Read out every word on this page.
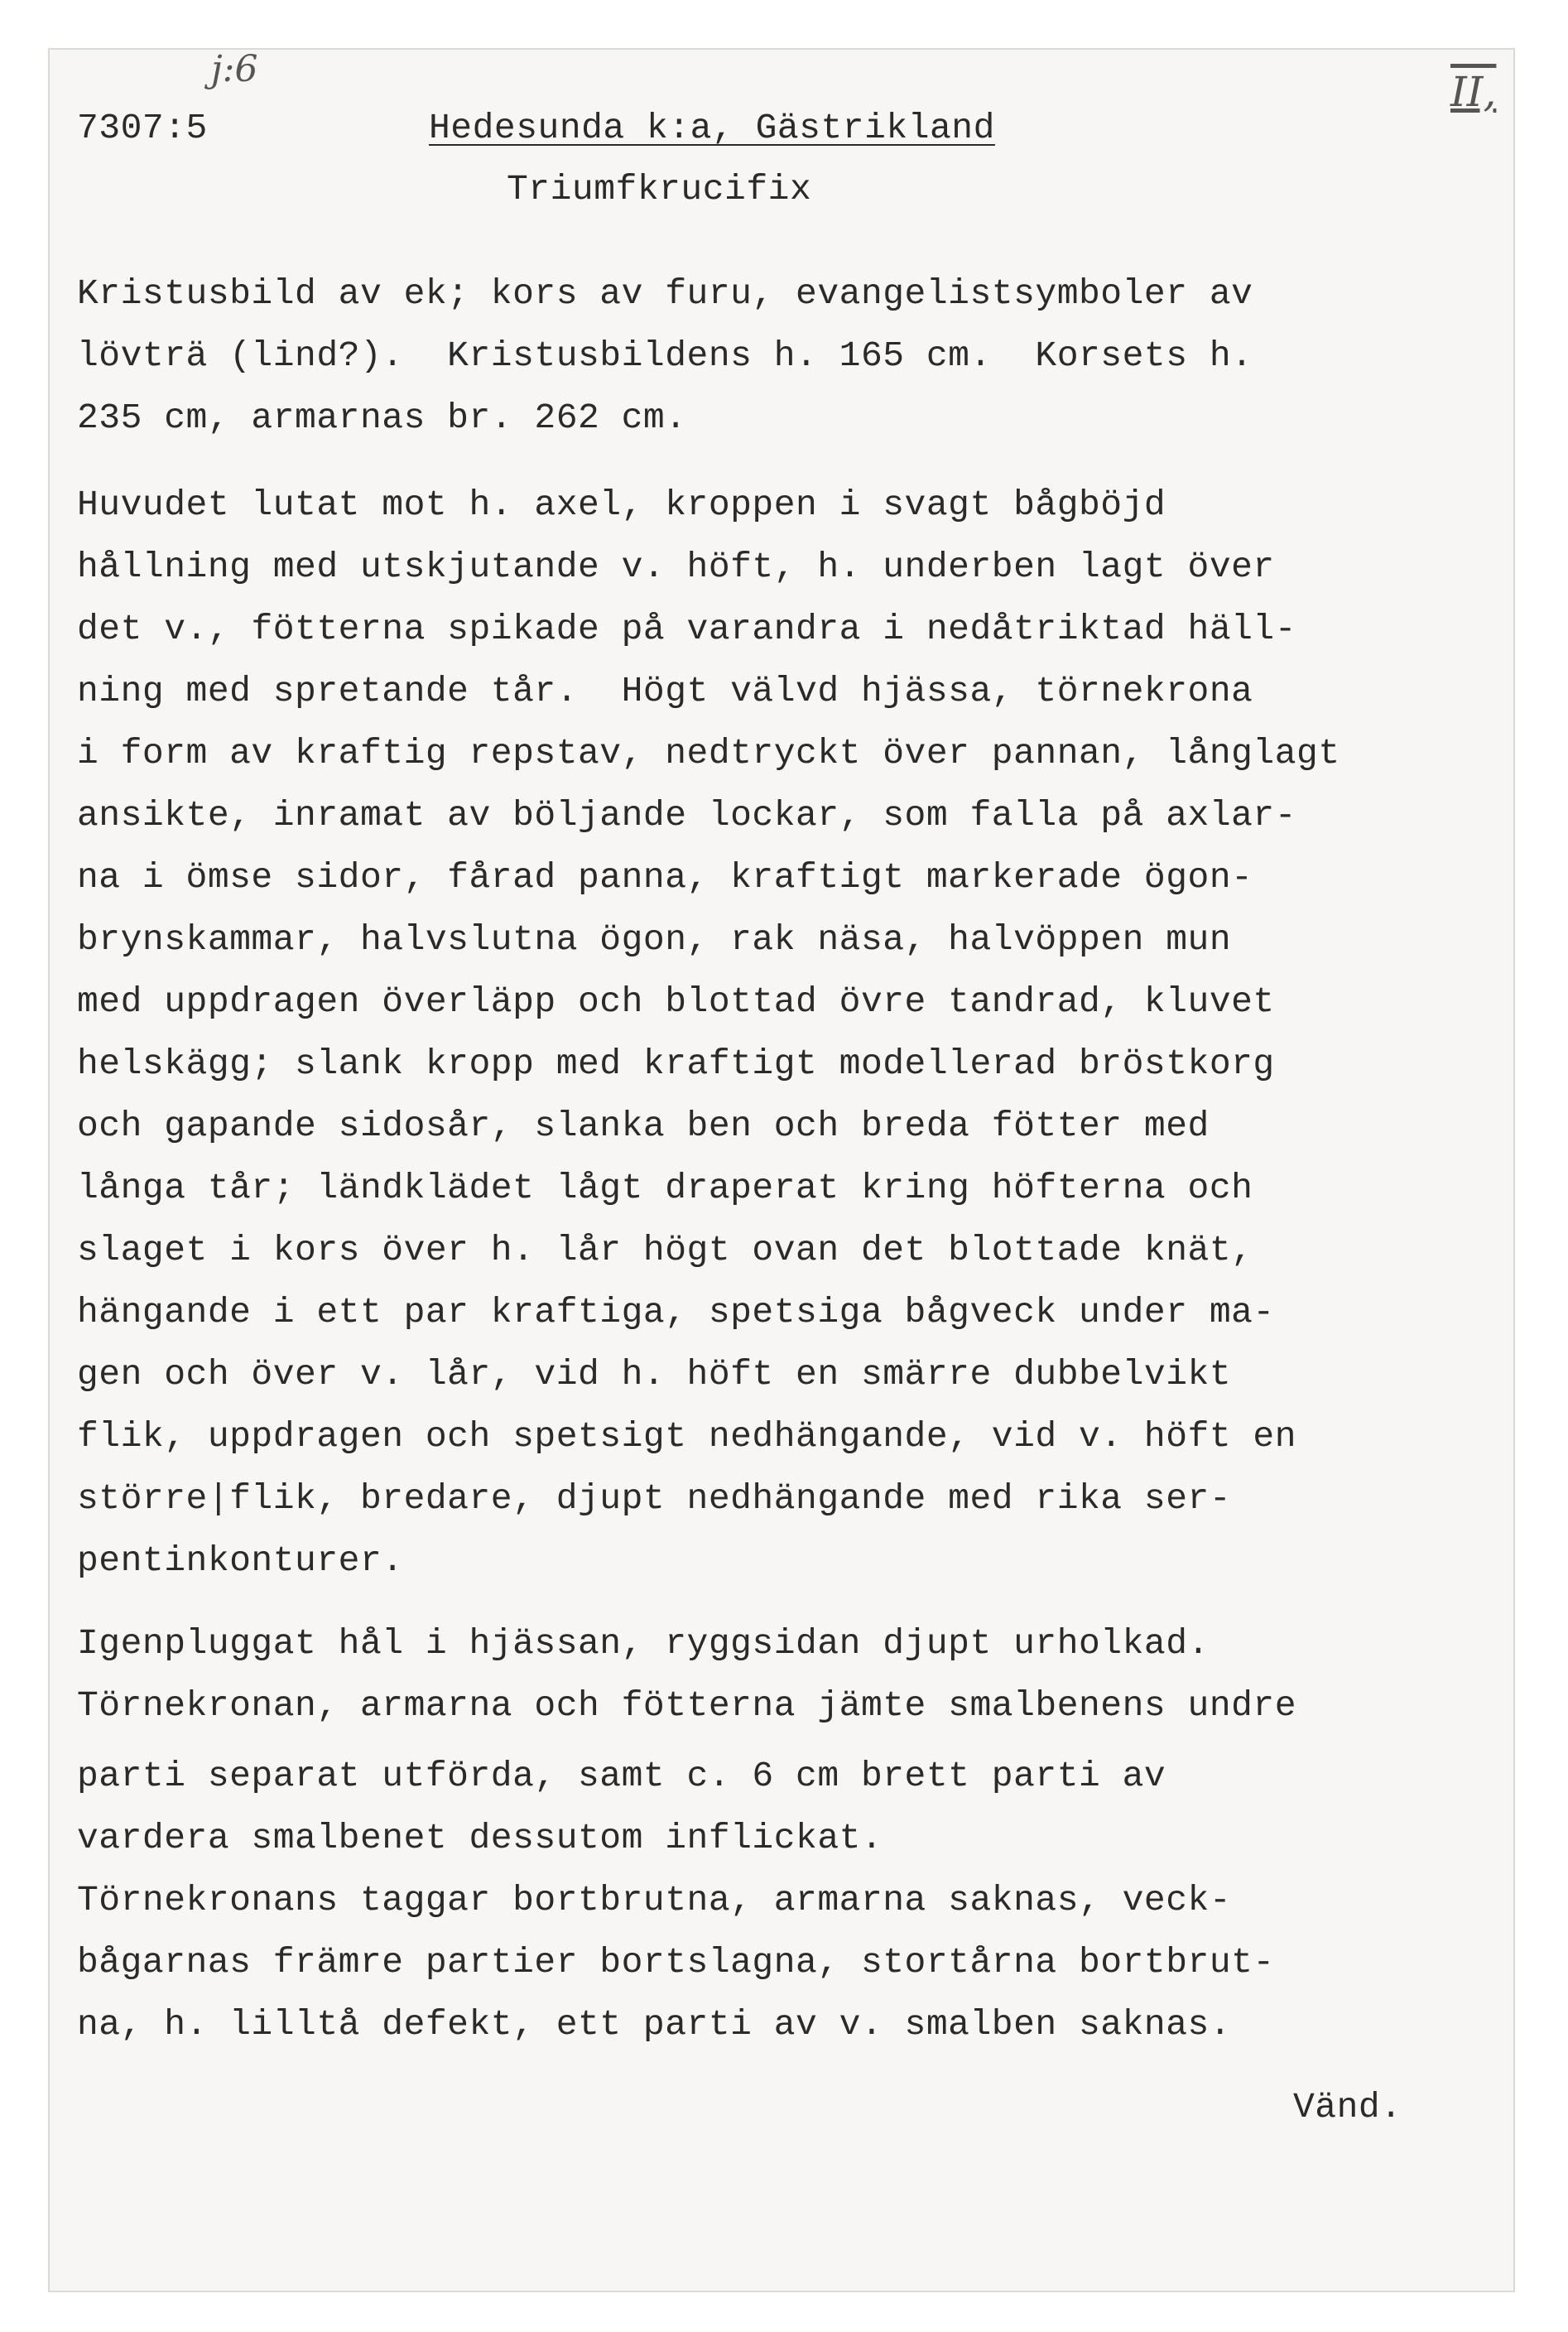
j:6	II,
7307:5	Hedesunda k:a, Gästrikland
Triumfkrucifix
Kristusbild av ek; kors av furu, evangelistsymboler av
lövträ (lind?).  Kristusbildens h. 165 cm.  Korsets h.
235 cm, armarnas br. 262 cm.
Huvudet lutat mot h. axel, kroppen i svagt bågböjd
hållning med utskjutande v. höft, h. underben lagt över
det v., fötterna spikade på varandra i nedåtriktad häll-
ning med spretande tår.  Högt välvd hjässa, törnekrona
i form av kraftig repstav, nedtryckt över pannan, långlagt
ansikte, inramat av böljande lockar, som falla på axlar-
na i ömse sidor, fårad panna, kraftigt markerade ögon-
brynskammar, halvslutna ögon, rak näsa, halvöppen mun
med uppdragen överläpp och blottad övre tandrad, kluvet
helskägg; slank kropp med kraftigt modellerad bröstkorg
och gapande sidosår, slanka ben och breda fötter med
långa tår; ländklädet lågt draperat kring höfterna och
slaget i kors över h. lår högt ovan det blottade knät,
hängande i ett par kraftiga, spetsiga bågveck under ma-
gen och över v. lår, vid h. höft en smärre dubbelvikt
flik, uppdragen och spetsigt nedhängande, vid v. höft en
större|flik, bredare, djupt nedhängande med rika ser-
pentinkonturer.
Igenpluggat hål i hjässan, ryggsidan djupt urholkad.
Törnekronan, armarna och fötterna jämte smalbenens undre
parti separat utförda, samt c. 6 cm brett parti av
vardera smalbenet dessutom inflickat.
Törnekronans taggar bortbrutna, armarna saknas, veck-
bågarnas främre partier bortslagna, stortårna bortbrut-
na, h. lilltå defekt, ett parti av v. smalben saknas.
Vänd.
